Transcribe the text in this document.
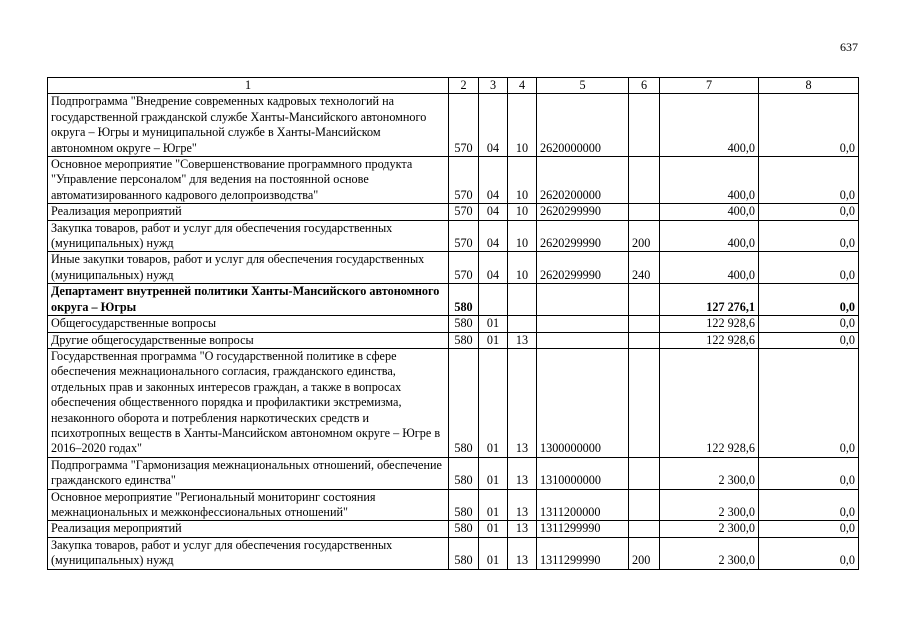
637
1	2	3	4	5	6	7	8
Подпрограмма "Внедрение современных кадровых технологий на государственной гражданской службе Ханты-Мансийского автономного округа – Югры и муниципальной службе в Ханты-Мансийском автономном округе – Югре"	570	04	10	2620000000		400,0	0,0
Основное мероприятие "Совершенствование программного продукта "Управление персоналом" для ведения на постоянной основе автоматизированного кадрового делопроизводства"	570	04	10	2620200000		400,0	0,0
Реализация мероприятий	570	04	10	2620299990		400,0	0,0
Закупка товаров, работ и услуг для обеспечения государственных (муниципальных) нужд	570	04	10	2620299990	200	400,0	0,0
Иные закупки товаров, работ и услуг для обеспечения государственных (муниципальных) нужд	570	04	10	2620299990	240	400,0	0,0
Департамент внутренней политики Ханты-Мансийского автономного округа – Югры	580					127 276,1	0,0
Общегосударственные вопросы	580	01				122 928,6	0,0
Другие общегосударственные вопросы	580	01	13			122 928,6	0,0
Государственная программа "О государственной политике в сфере обеспечения межнационального согласия, гражданского единства, отдельных прав и законных интересов граждан, а также в вопросах обеспечения общественного порядка и профилактики экстремизма, незаконного оборота и потребления наркотических средств и психотропных веществ в Ханты-Мансийском автономном округе – Югре в 2016–2020 годах"	580	01	13	1300000000		122 928,6	0,0
Подпрограмма "Гармонизация межнациональных отношений, обеспечение гражданского единства"	580	01	13	1310000000		2 300,0	0,0
Основное мероприятие "Региональный мониторинг состояния межнациональных и межконфессиональных отношений"	580	01	13	1311200000		2 300,0	0,0
Реализация мероприятий	580	01	13	1311299990		2 300,0	0,0
Закупка товаров, работ и услуг для обеспечения государственных (муниципальных) нужд	580	01	13	1311299990	200	2 300,0	0,0
